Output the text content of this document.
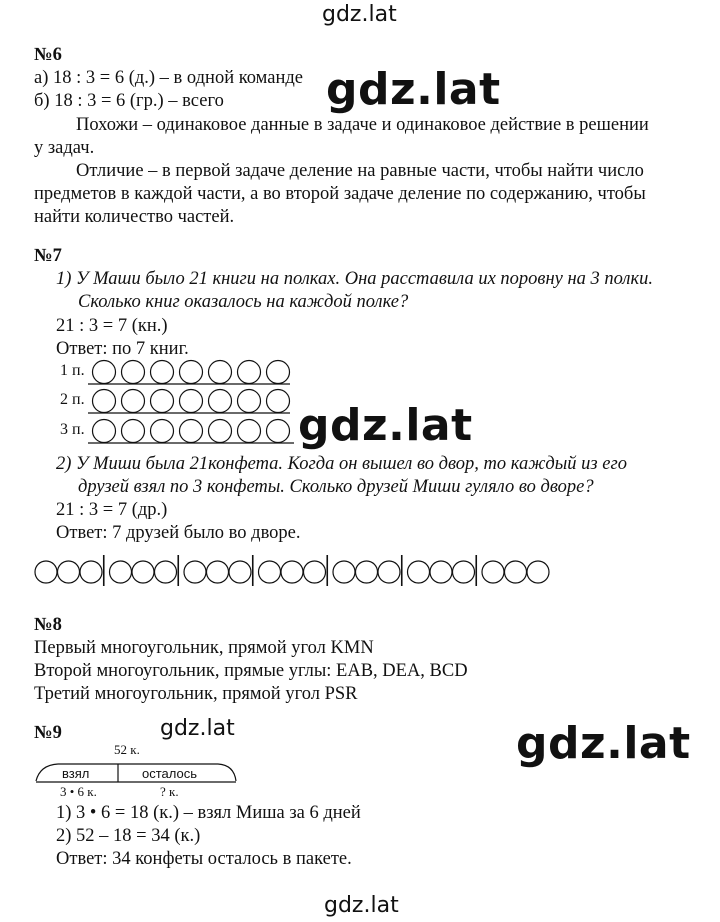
gdz.lat
gdz.lat
gdz.lat
gdz.lat	gdz.lat
gdz.lat
№6
а) 18 : 3 = 6 (д.) – в одной команде
б) 18 : 3 = 6 (гр.) – всего
Похожи – одинаковое данные в задаче и одинаковое действие в решении
у задач.
Отличие – в первой задаче деление на равные части, чтобы найти число
предметов в каждой части, а во второй задаче деление по содержанию, чтобы
найти количество частей.
№7
1) У Маши было 21 книги на полках. Она расставила их поровну на 3 полки.
Сколько книг оказалось на каждой полке?
21 : 3 = 7 (кн.)
Ответ: по 7 книг.
1 п.
2 п.
3 п.
2) У Миши была 21конфета. Когда он вышел во двор, то каждый из его
друзей взял по 3 конфеты. Сколько друзей Миши гуляло во дворе?
21 : 3 = 7 (др.)
Ответ: 7 друзей было во дворе.
№8
Первый многоугольник, прямой угол KMN
Второй многоугольник, прямые углы: EAB, DEA, BCD
Третий многоугольник, прямой угол PSR
№9
52 к.
взял	осталось
3 • 6 к.	? к.
1) 3 • 6 = 18 (к.) – взял Миша за 6 дней
2) 52 – 18 = 34 (к.)
Ответ: 34 конфеты осталось в пакете.
